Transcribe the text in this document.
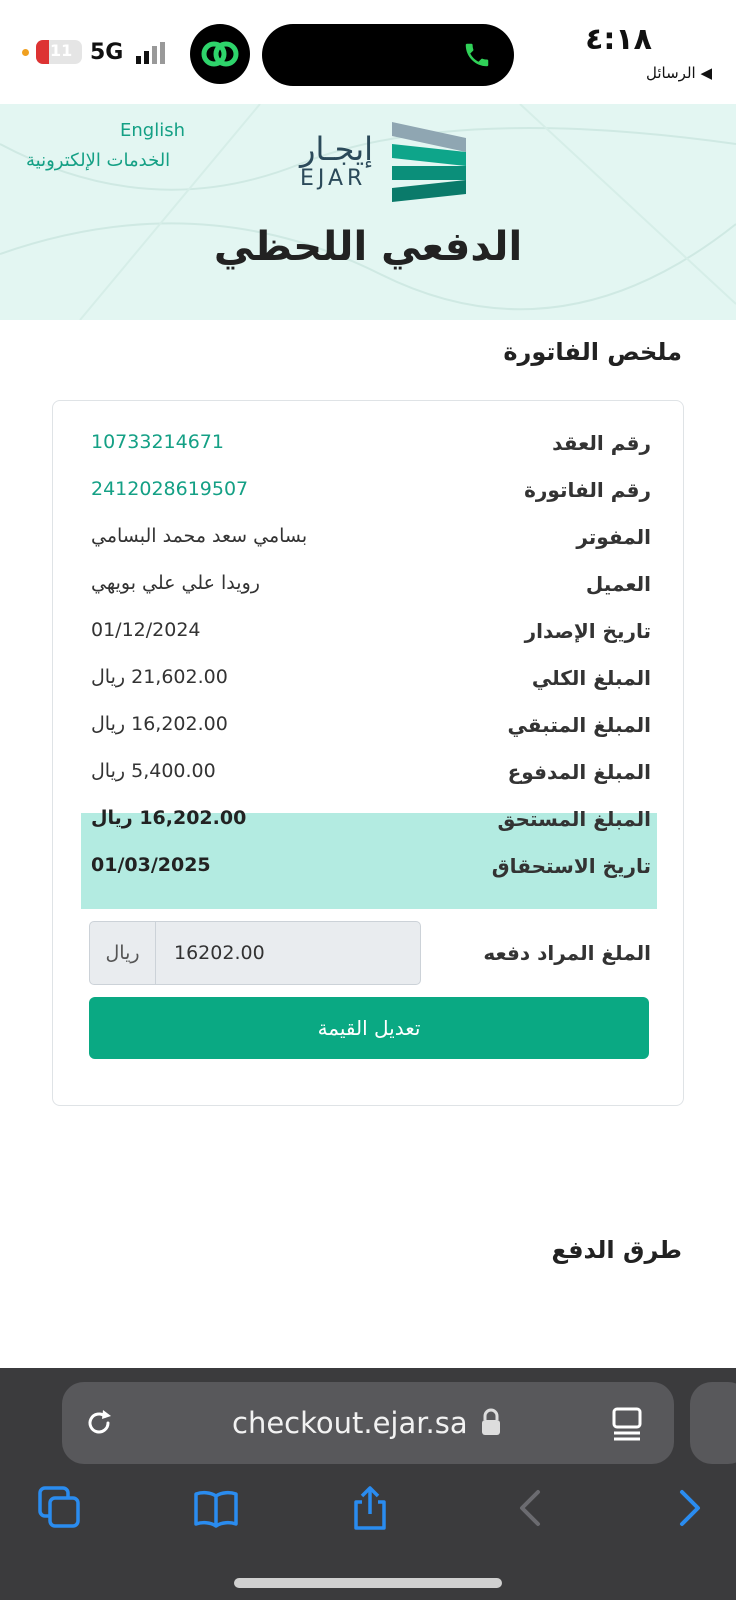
٤:١٨
◀ الرسائل
5G
11
English
الخدمات الإلكترونية	إيجـار
EJAR
الدفعي اللحظي
ملخص الفاتورة
رقم العقد
10733214671
رقم الفاتورة
2412028619507
المفوتر
بسامي سعد محمد البسامي
العميل
رويدا علي علي بويهي
تاريخ الإصدار
01/12/2024
المبلغ الكلي
21,602.00 ريال
المبلغ المتبقي
16,202.00 ريال
المبلغ المدفوع
5,400.00 ريال
المبلغ المستحق
16,202.00 ريال
تاريخ الاستحقاق
01/03/2025
الملغ المراد دفعه
ريال
16202.00
تعديل القيمة
طرق الدفع
checkout.ejar.sa
